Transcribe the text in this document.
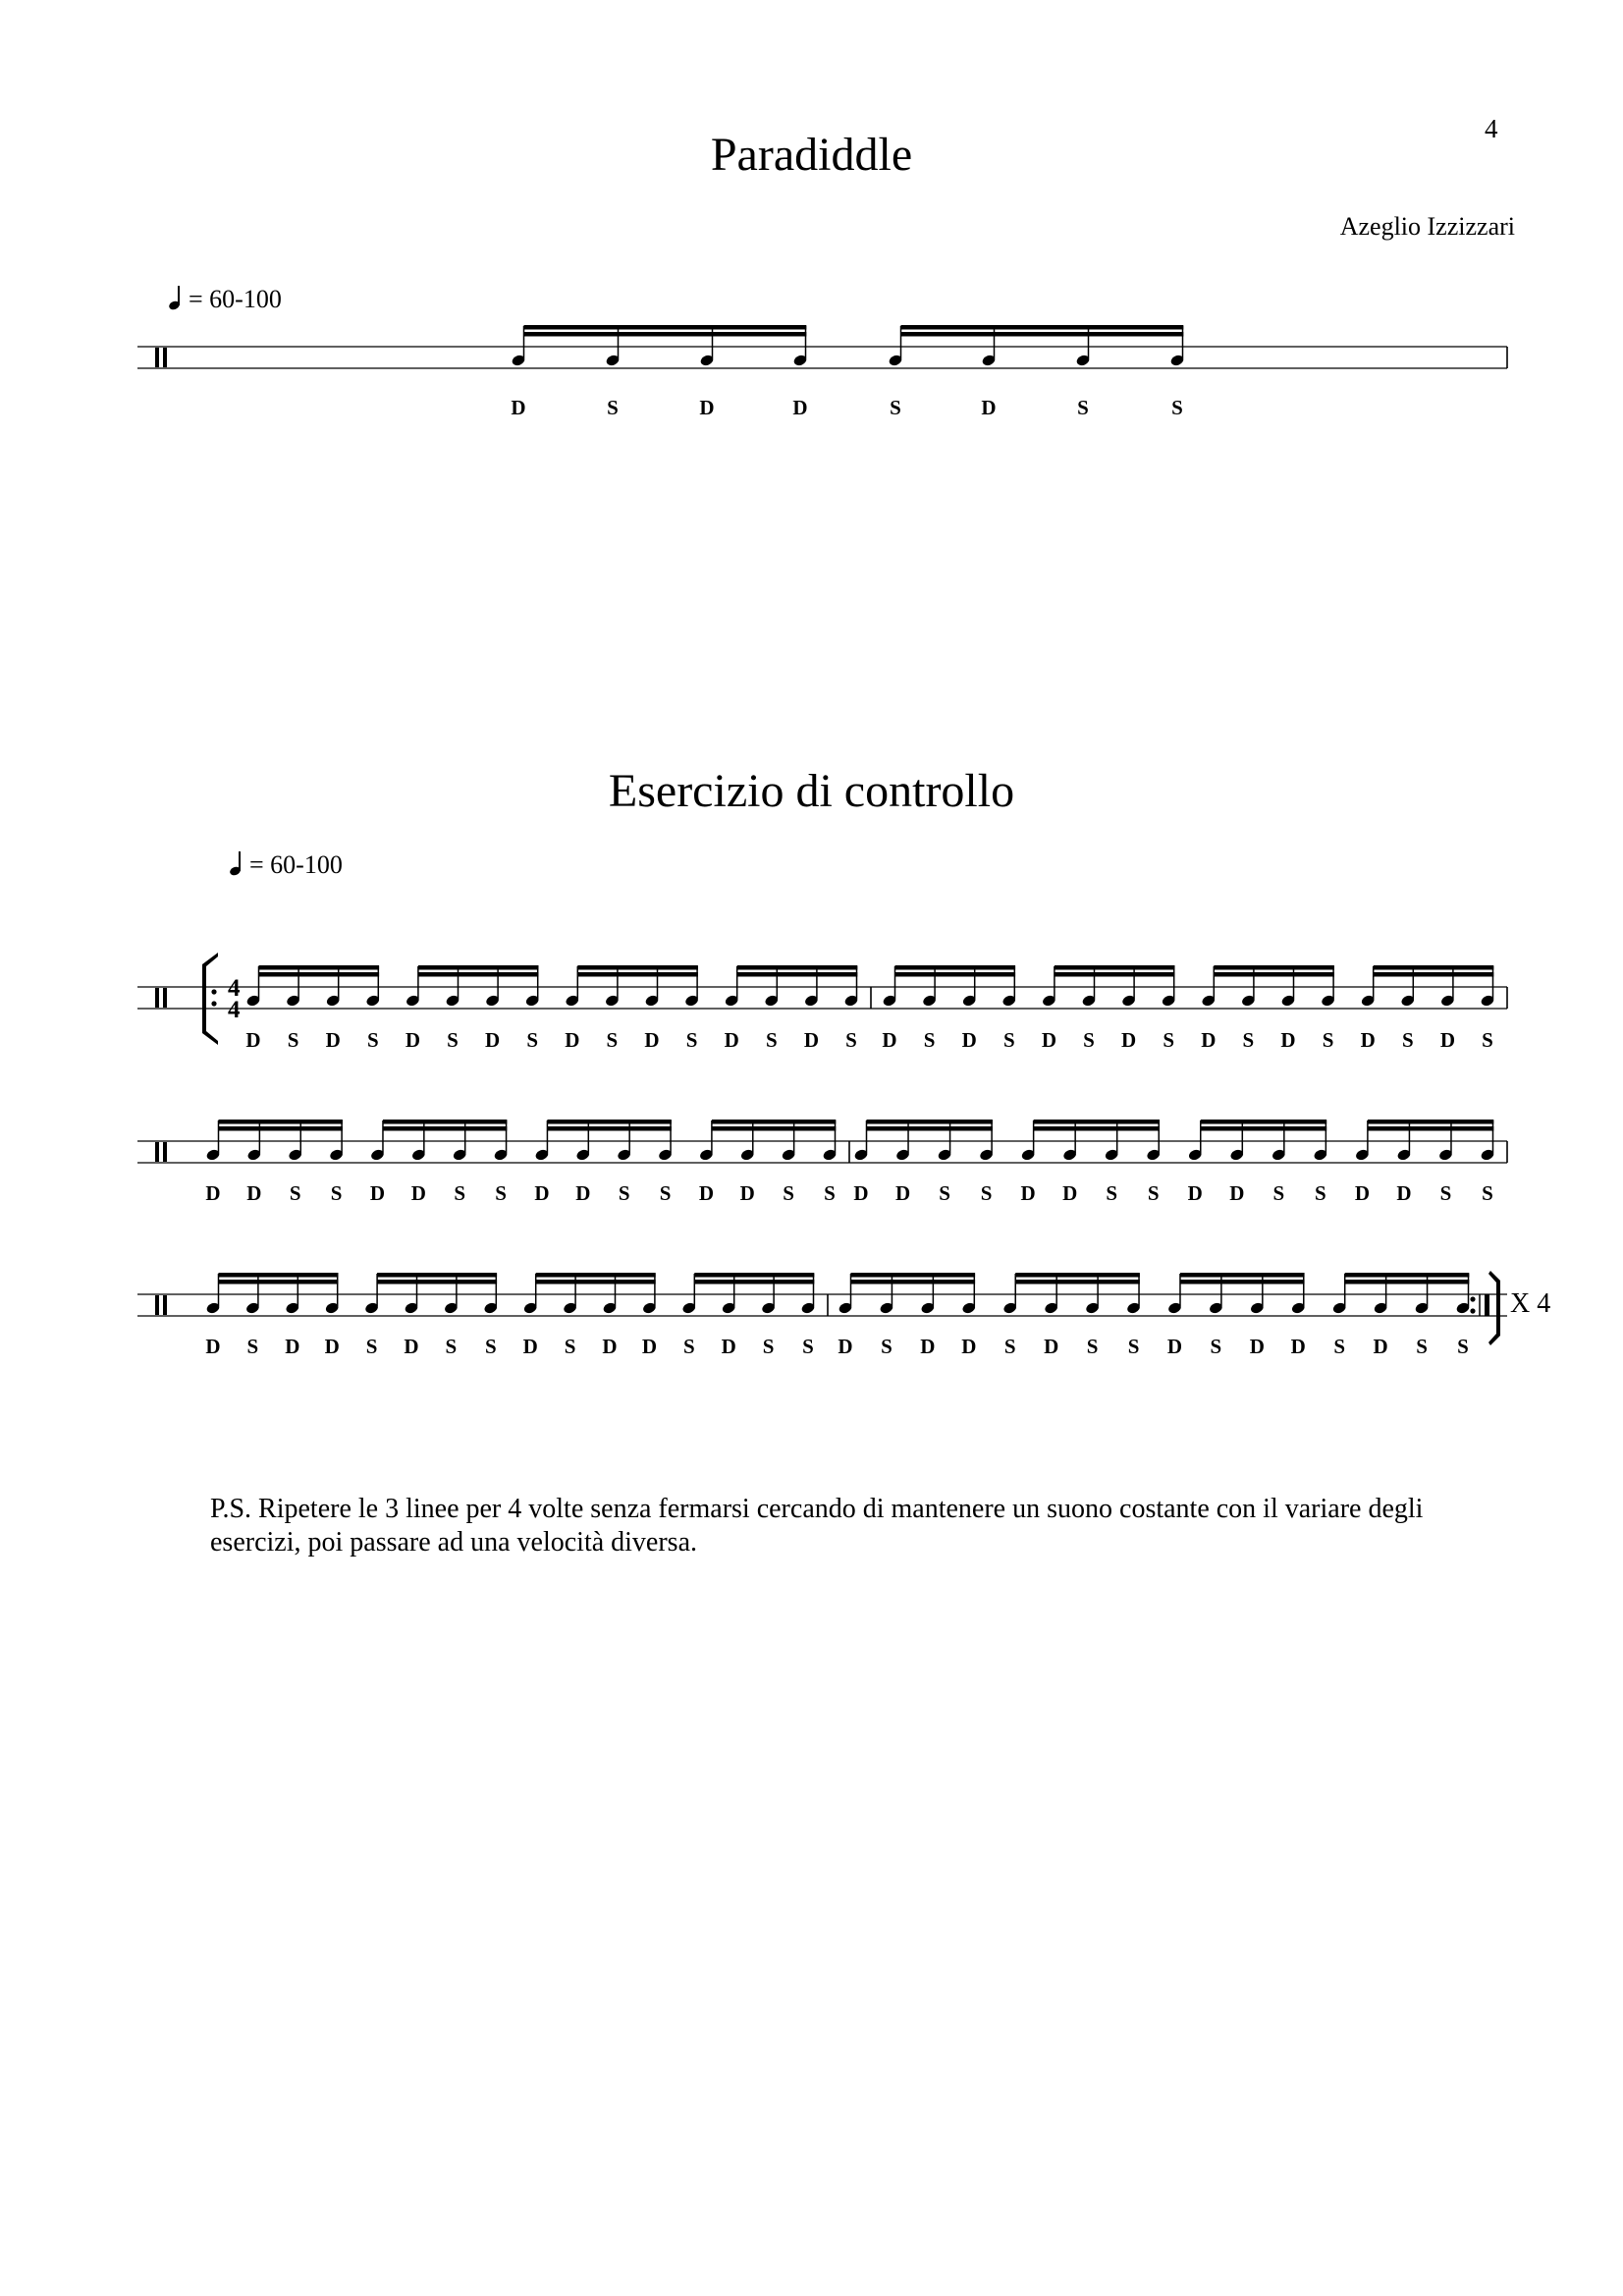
4
Paradiddle
Azeglio Izzizzari
= 60-100
Esercizio di controllo
= 60-100
D	S	D	D	S	D	S	S
D S D S D S D S D S D S D S D S D S D S D S D S D S D S D S D S
D D S S D D S S D D S S D D S S D D S S D D S S D D S S D D S S
D S D D S D S S D S D D S D S S D S D D S D S S D S D D S D S S
4
4
X 4

P.S. Ripetere le 3 linee per 4 volte senza fermarsi cercando di mantenere un suono costante con il variare degli esercizi, poi passare ad una velocità diversa.
